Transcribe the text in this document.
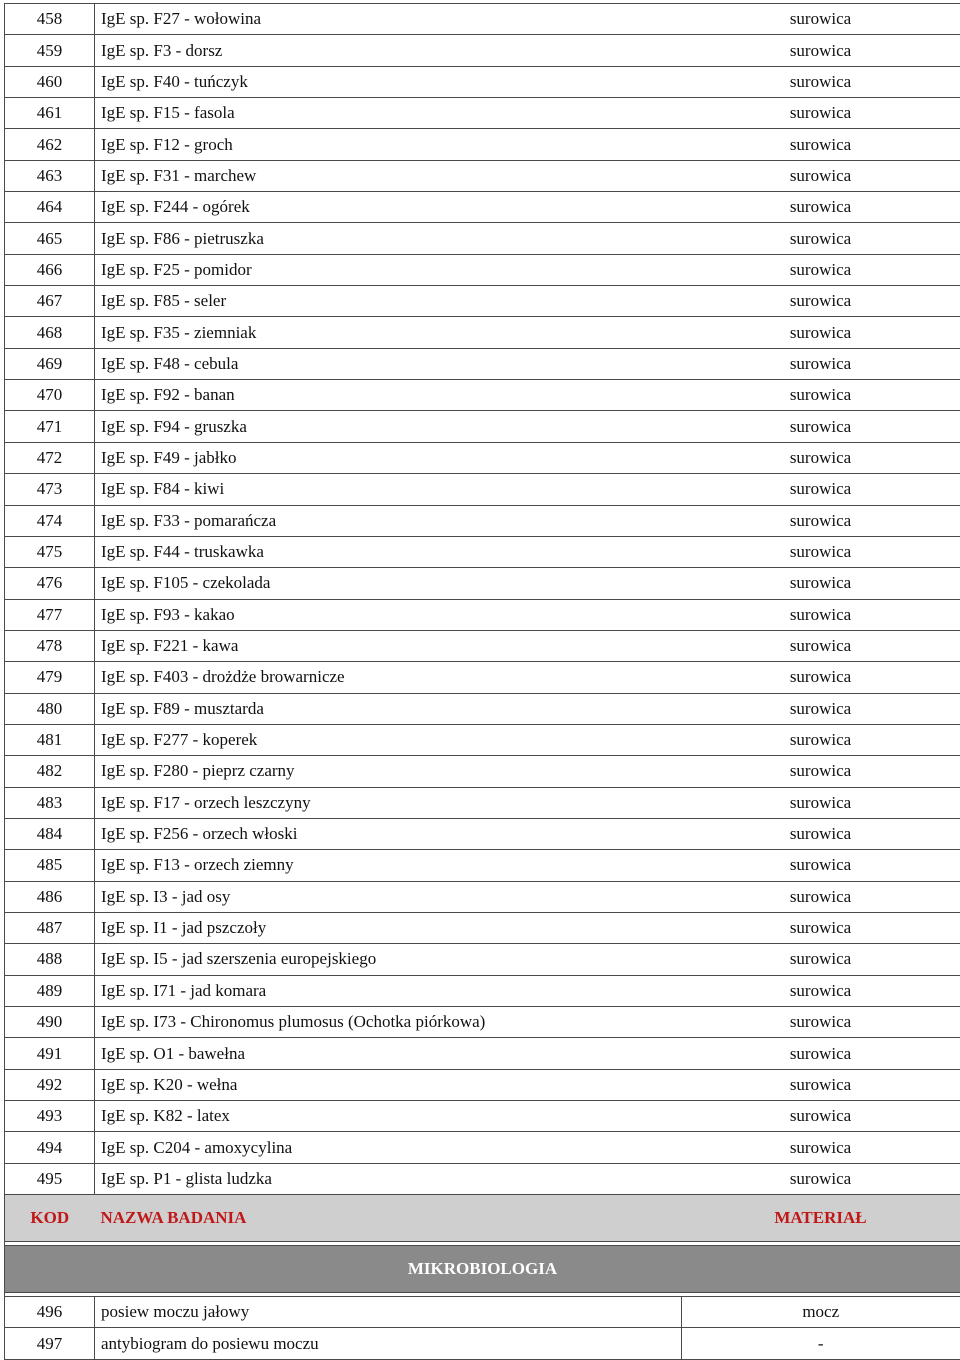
458	IgE sp. F27 - wołowina	surowica
459	IgE sp. F3 - dorsz	surowica
460	IgE sp. F40 - tuńczyk	surowica
461	IgE sp. F15 - fasola	surowica
462	IgE sp. F12 - groch	surowica
463	IgE sp. F31 - marchew	surowica
464	IgE sp. F244 - ogórek	surowica
465	IgE sp. F86 - pietruszka	surowica
466	IgE sp. F25 - pomidor	surowica
467	IgE sp. F85 - seler	surowica
468	IgE sp. F35 - ziemniak	surowica
469	IgE sp. F48 - cebula	surowica
470	IgE sp. F92 - banan	surowica
471	IgE sp. F94 - gruszka	surowica
472	IgE sp. F49 - jabłko	surowica
473	IgE sp. F84 - kiwi	surowica
474	IgE sp. F33 - pomarańcza	surowica
475	IgE sp. F44 - truskawka	surowica
476	IgE sp. F105 - czekolada	surowica
477	IgE sp. F93 - kakao	surowica
478	IgE sp. F221 - kawa	surowica
479	IgE sp. F403 - drożdże browarnicze	surowica
480	IgE sp. F89 - musztarda	surowica
481	IgE sp. F277 - koperek	surowica
482	IgE sp. F280 - pieprz czarny	surowica
483	IgE sp. F17 - orzech leszczyny	surowica
484	IgE sp. F256 - orzech włoski	surowica
485	IgE sp. F13 - orzech ziemny	surowica
486	IgE sp. I3 - jad osy	surowica
487	IgE sp. I1 - jad pszczoły	surowica
488	IgE sp. I5 - jad szerszenia europejskiego	surowica
489	IgE sp. I71 - jad komara	surowica
490	IgE sp. I73 - Chironomus plumosus (Ochotka piórkowa)	surowica
491	IgE sp. O1 - bawełna	surowica
492	IgE sp. K20 - wełna	surowica
493	IgE sp. K82 - latex	surowica
494	IgE sp. C204 - amoxycylina	surowica
495	IgE sp. P1 - glista ludzka	surowica
KOD	NAZWA BADANIA	MATERIAŁ

MIKROBIOLOGIA		

496	posiew moczu jałowy	mocz
497	antybiogram do posiewu moczu	-
